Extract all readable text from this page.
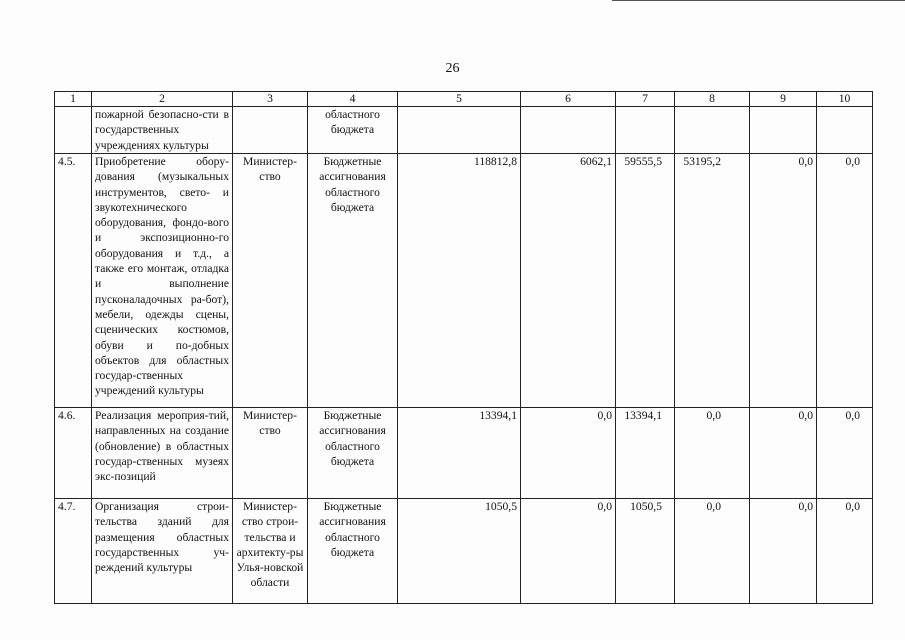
26
1	2	3	4	5	6	7	8	9	10
	пожарной безопасно-сти в государственных учреждениях культуры		областного бюджета						
4.5.	Приобретение обору-дования (музыкальных инструментов, свето- и звукотехнического оборудования, фондо-вого и экспозиционно-го оборудования и т.д., а также его монтаж, отладка и выполнение пусконаладочных ра-бот), мебели, одежды сцены, сценических костюмов, обуви и по-добных объектов для областных государ-ственных учреждений культуры	Министер-ство	Бюджетные ассигнования областного бюджета	118812,8	6062,1	59555,5	53195,2	0,0	0,0
4.6.	Реализация мероприя-тий, направленных на создание (обновление) в областных государ-ственных музеях экс-позиций	Министер-ство	Бюджетные ассигнования областного бюджета	13394,1	0,0	13394,1	0,0	0,0	0,0
4.7.	Организация строи-тельства зданий для размещения областных государственных уч-реждений культуры	Министер-ство строи-тельства и архитекту-ры Улья-новской области	Бюджетные ассигнования областного бюджета	1050,5	0,0	1050,5	0,0	0,0	0,0
